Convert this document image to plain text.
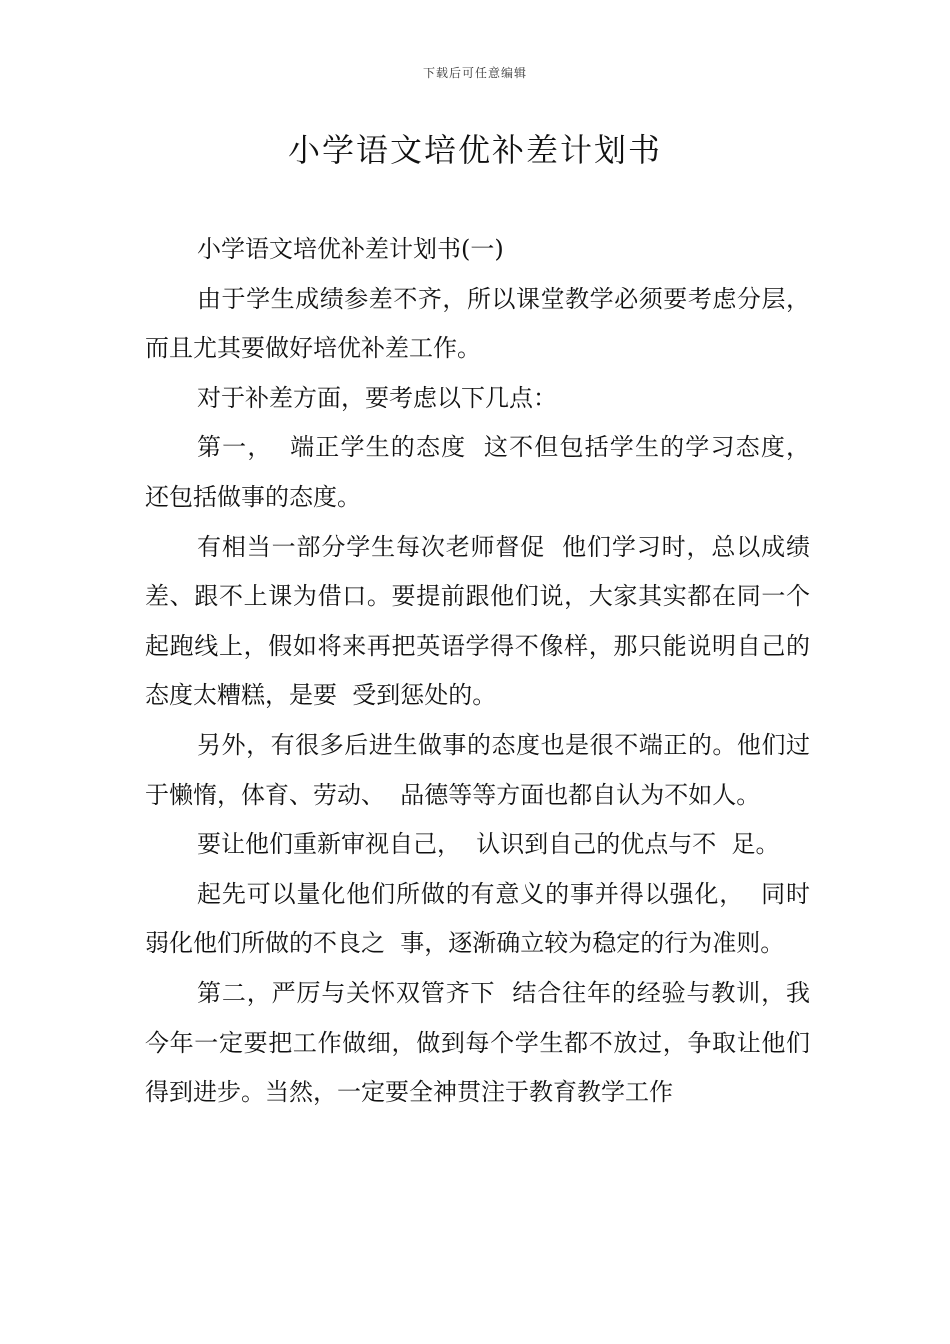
下载后可任意编辑
小学语文培优补差计划书

小学语文培优补差计划书(一)

由于学生成绩参差不齐，所以课堂教学必须要考虑分层，而且尤其要做好培优补差工作。

对于补差方面，要考虑以下几点：

第一，  端正学生的态度  这不但包括学生的学习态度，  还包括做事的态度。

有相当一部分学生每次老师督促  他们学习时，总以成绩差、跟不上课为借口。要提前跟他们说，大家其实都在同一个起跑线上，假如将来再把英语学得不像样，那只能说明自己的态度太糟糕，是要  受到惩处的。

另外，有很多后进生做事的态度也是很不端正的。他们过于懒惰，体育、劳动、  品德等等方面也都自认为不如人。

要让他们重新审视自己，  认识到自己的优点与不  足。

起先可以量化他们所做的有意义的事并得以强化，  同时弱化他们所做的不良之  事，逐渐确立较为稳定的行为准则。

第二，严厉与关怀双管齐下  结合往年的经验与教训，我今年一定要把工作做细，做到每个学生都不放过，争取让他们得到进步。当然，一定要全神贯注于教育教学工作
